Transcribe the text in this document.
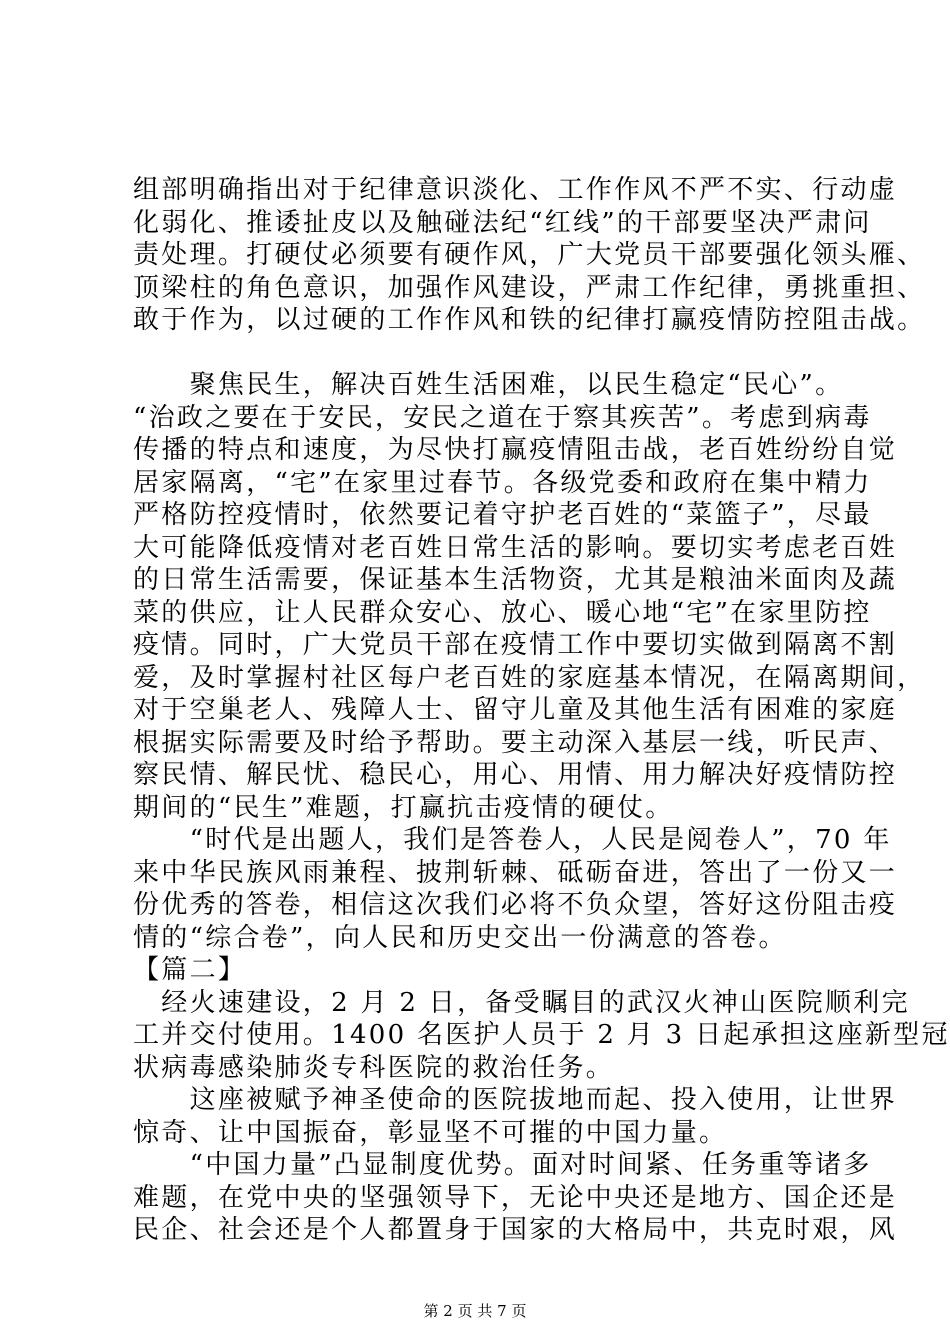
组部明确指出对于纪律意识淡化、工作作风不严不实、行动虚
化弱化、推诿扯皮以及触碰法纪“红线”的干部要坚决严肃问
责处理。打硬仗必须要有硬作风，广大党员干部要强化领头雁、
顶梁柱的角色意识，加强作风建设，严肃工作纪律，勇挑重担、
敢于作为，以过硬的工作作风和铁的纪律打赢疫情防控阻击战。
　　聚焦民生，解决百姓生活困难，以民生稳定“民心”。
“治政之要在于安民，安民之道在于察其疾苦”。考虑到病毒
传播的特点和速度，为尽快打赢疫情阻击战，老百姓纷纷自觉
居家隔离，“宅”在家里过春节。各级党委和政府在集中精力
严格防控疫情时，依然要记着守护老百姓的“菜篮子”，尽最
大可能降低疫情对老百姓日常生活的影响。要切实考虑老百姓
的日常生活需要，保证基本生活物资，尤其是粮油米面肉及蔬
菜的供应，让人民群众安心、放心、暖心地“宅”在家里防控
疫情。同时，广大党员干部在疫情工作中要切实做到隔离不割
爱，及时掌握村社区每户老百姓的家庭基本情况，在隔离期间，
对于空巢老人、残障人士、留守儿童及其他生活有困难的家庭
根据实际需要及时给予帮助。要主动深入基层一线，听民声、
察民情、解民忧、稳民心，用心、用情、用力解决好疫情防控
期间的“民生”难题，打赢抗击疫情的硬仗。
　　“时代是出题人，我们是答卷人，人民是阅卷人”，70 年
来中华民族风雨兼程、披荆斩棘、砥砺奋进，答出了一份又一
份优秀的答卷，相信这次我们必将不负众望，答好这份阻击疫
情的“综合卷”，向人民和历史交出一份满意的答卷。
【篇二】
　经火速建设，2 月 2 日，备受瞩目的武汉火神山医院顺利完
工并交付使用。1400 名医护人员于 2 月 3 日起承担这座新型冠
状病毒感染肺炎专科医院的救治任务。
　　这座被赋予神圣使命的医院拔地而起、投入使用，让世界
惊奇、让中国振奋，彰显坚不可摧的中国力量。
　　“中国力量”凸显制度优势。面对时间紧、任务重等诸多
难题，在党中央的坚强领导下，无论中央还是地方、国企还是
民企、社会还是个人都置身于国家的大格局中，共克时艰，风
第 2 页 共 7 页
